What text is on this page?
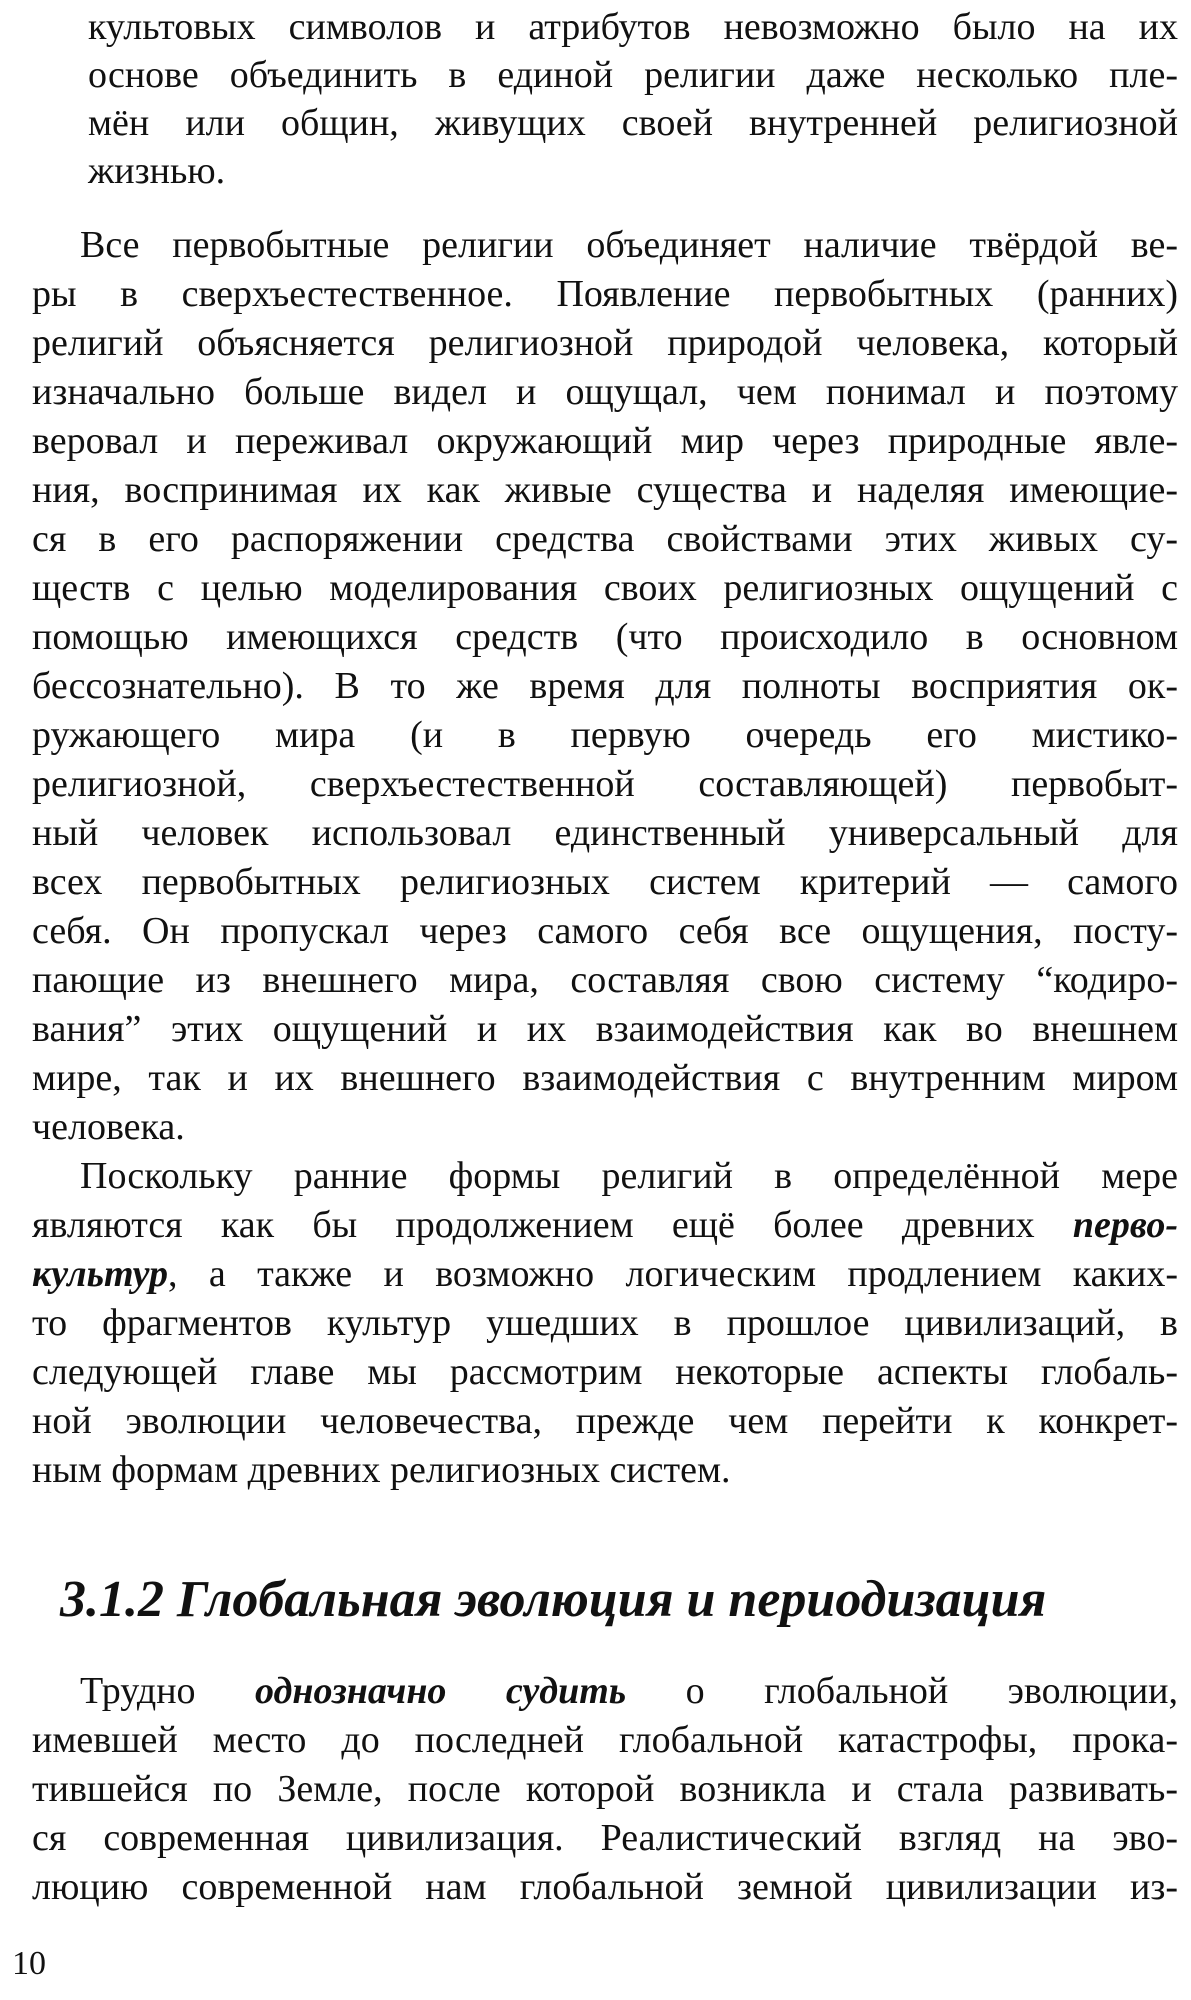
культовых символов и атрибутов невозможно было на их
основе объединить в единой религии даже несколько пле-
мён или общин, живущих своей внутренней религиозной
жизнью.
Все первобытные религии объединяет наличие твёрдой ве-
ры в сверхъестественное. Появление первобытных (ранних)
религий объясняется религиозной природой человека, который
изначально больше видел и ощущал, чем понимал и поэтому
веровал и переживал окружающий мир через природные явле-
ния, воспринимая их как живые существа и наделяя имеющие-
ся в его распоряжении средства свойствами этих живых су-
ществ с целью моделирования своих религиозных ощущений с
помощью имеющихся средств (что происходило в основном
бессознательно). В то же время для полноты восприятия ок-
ружающего мира (и в первую очередь его мистико-
религиозной, сверхъестественной составляющей) первобыт-
ный человек использовал единственный универсальный для
всех первобытных религиозных систем критерий — самого
себя. Он пропускал через самого себя все ощущения, посту-
пающие из внешнего мира, составляя свою систему “кодиро-
вания” этих ощущений и их взаимодействия как во внешнем
мире, так и их внешнего взаимодействия с внутренним миром
человека.
Поскольку ранние формы религий в определённой мере
являются как бы продолжением ещё более древних перво-
культур, а также и возможно логическим продлением каких-
то фрагментов культур ушедших в прошлое цивилизаций, в
следующей главе мы рассмотрим некоторые аспекты глобаль-
ной эволюции человечества, прежде чем перейти к конкрет-
ным формам древних религиозных систем.
3.1.2 Глобальная эволюция и периодизация
Трудно однозначно судить о глобальной эволюции,
имевшей место до последней глобальной катастрофы, прока-
тившейся по Земле, после которой возникла и стала развивать-
ся современная цивилизация. Реалистический взгляд на эво-
люцию современной нам глобальной земной цивилизации из-
10
